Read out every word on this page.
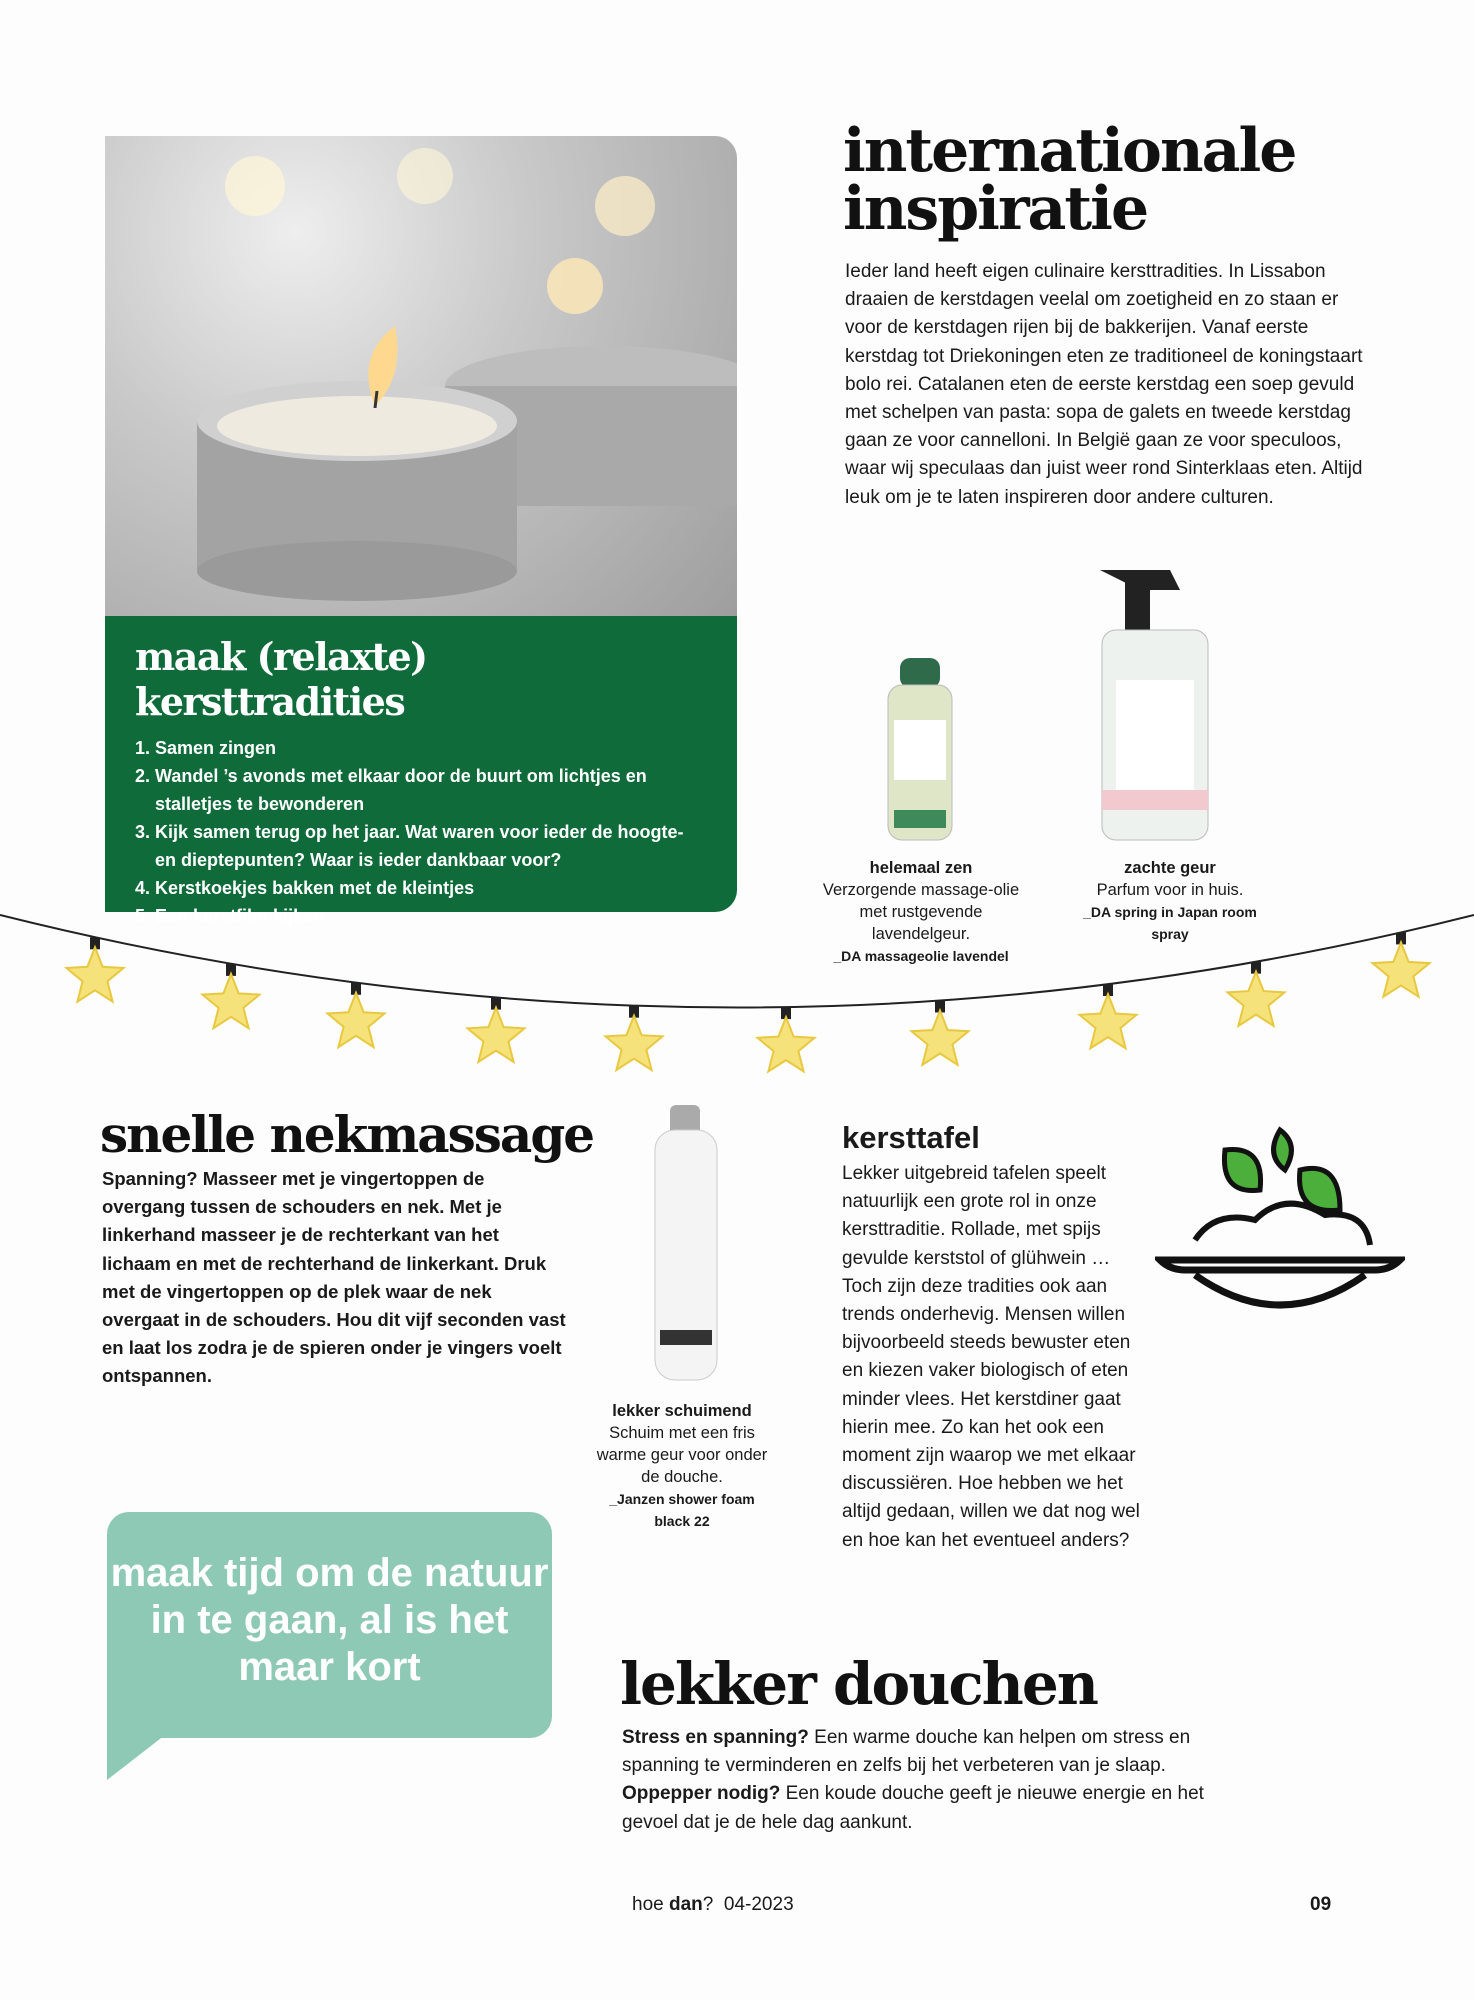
maak (relaxte) kersttradities
1. Samen zingen
2. Wandel ’s avonds met elkaar door de buurt om lichtjes en stalletjes te bewonderen
3. Kijk samen terug op het jaar. Wat waren voor ieder de hoogte- en dieptepunten? Waar is ieder dankbaar voor?
4. Kerstkoekjes bakken met de kleintjes
5. Een kerstfilm kijken
internationale
inspiratie
Ieder land heeft eigen culinaire kersttradities. In Lissabon draaien de kerstdagen veelal om zoetigheid en zo staan er voor de kerstdagen rijen bij de bakkerijen. Vanaf eerste kerstdag tot Driekoningen eten ze traditioneel de koningstaart bolo rei. Catalanen eten de eerste kerstdag een soep gevuld met schelpen van pasta: sopa de galets en tweede kerstdag gaan ze voor cannelloni. In België gaan ze voor speculoos, waar wij speculaas dan juist weer rond Sinterklaas eten. Altijd leuk om je te laten inspireren door andere culturen.
helemaal zen
Verzorgende massage-olie met rustgevende lavendelgeur.
_DA massageolie lavendel
zachte geur
Parfum voor in huis.
_DA spring in Japan room spray
snelle nekmassage
Spanning? Masseer met je vingertoppen de overgang tussen de schouders en nek. Met je linkerhand masseer je de rechterkant van het lichaam en met de rechterhand de linkerkant. Druk met de vingertoppen op de plek waar de nek overgaat in de schouders. Hou dit vijf seconden vast en laat los zodra je de spieren onder je vingers voelt ontspannen.
lekker schuimend
Schuim met een fris warme geur voor onder de douche.
_Janzen shower foam black 22
kersttafel
Lekker uitgebreid tafelen speelt natuurlijk een grote rol in onze kersttraditie. Rollade, met spijs gevulde kerststol of glühwein … Toch zijn deze tradities ook aan trends onderhevig. Mensen willen bijvoorbeeld steeds bewuster eten en kiezen vaker biologisch of eten minder vlees. Het kerstdiner gaat hierin mee. Zo kan het ook een moment zijn waarop we met elkaar discussiëren. Hoe hebben we het altijd gedaan, willen we dat nog wel en hoe kan het eventueel anders?
maak tijd om de natuur in te gaan, al is het maar kort	lekker douchen
Stress en spanning? Een warme douche kan helpen om stress en spanning te verminderen en zelfs bij het verbeteren van je slaap.
Oppepper nodig? Een koude douche geeft je nieuwe energie en het gevoel dat je de hele dag aankunt.
hoe dan? 04-2023	09
